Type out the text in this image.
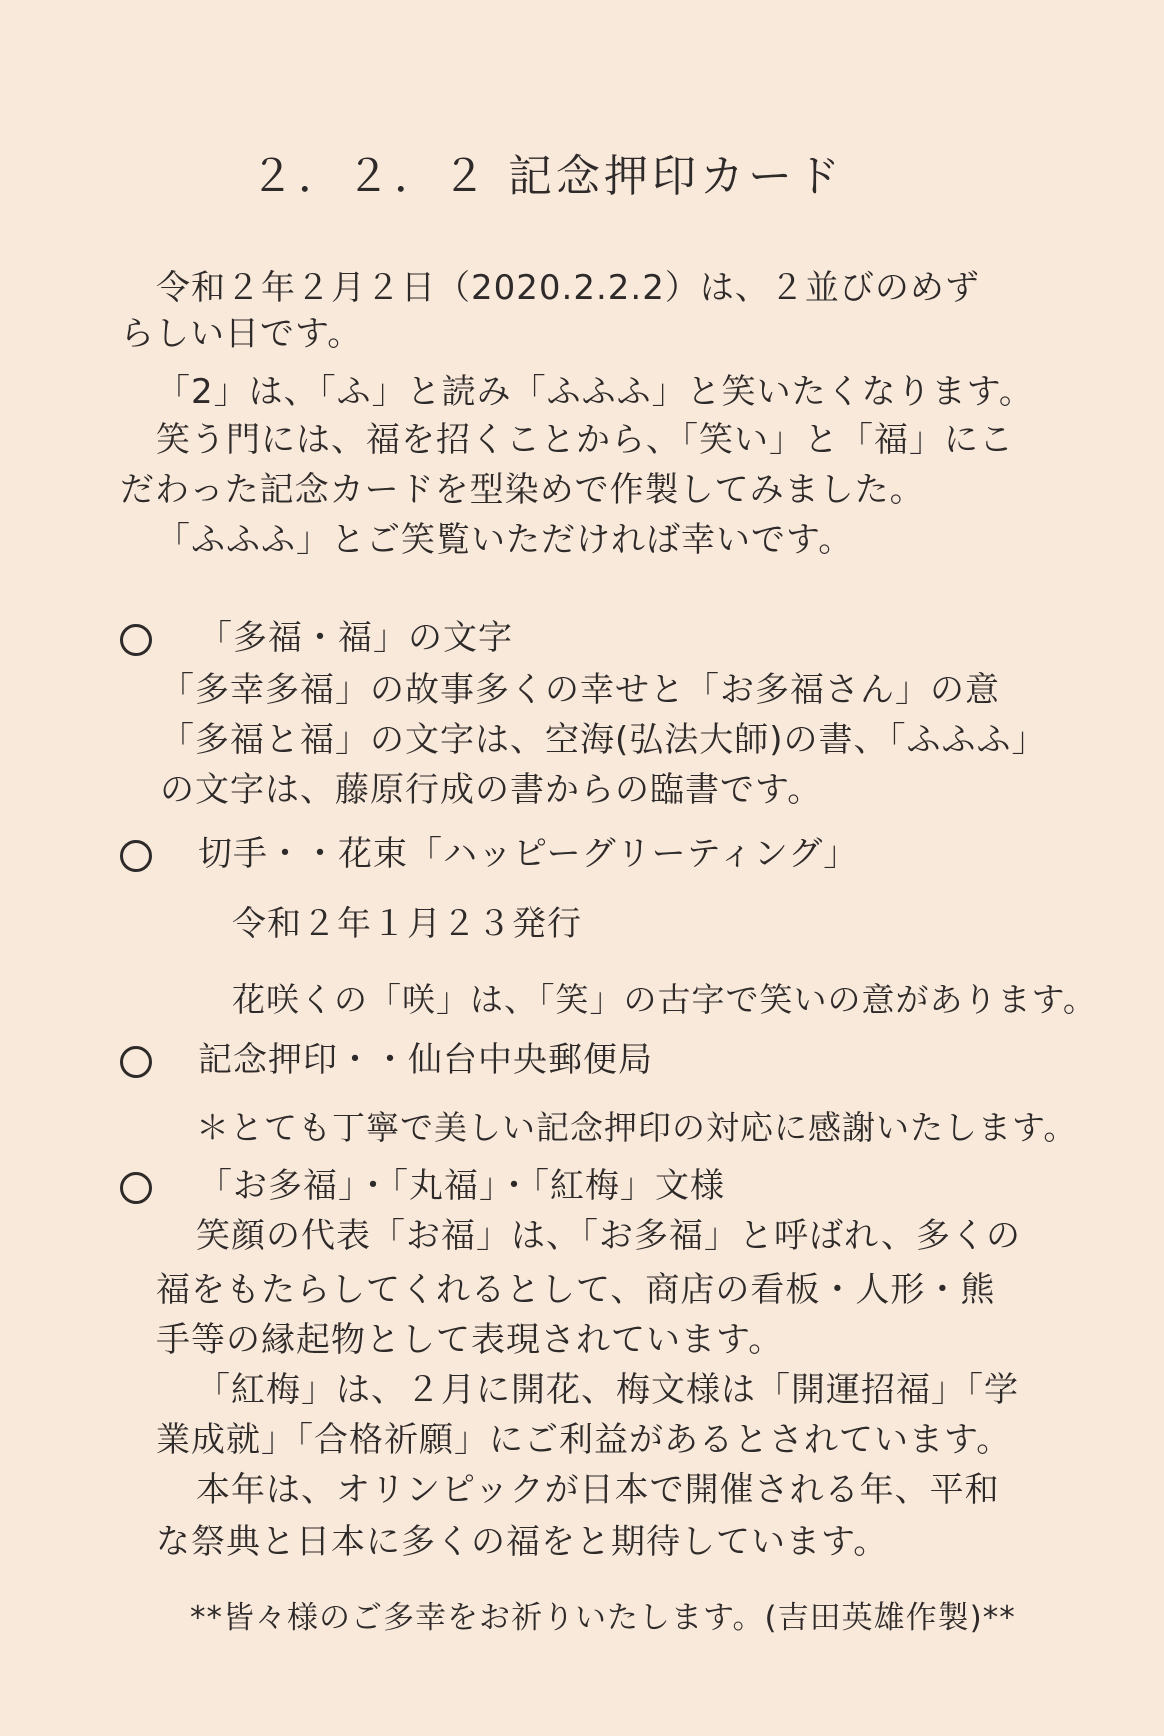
２．２．２ 記念押印カード
令和２年２月２日（2020.2.2.2）は、２並びのめず
らしい日です。
「2」は、「ふ」と読み「ふふふ」と笑いたくなります。
笑う門には、福を招くことから、「笑い」と「福」にこ
だわった記念カードを型染めで作製してみました。
「ふふふ」とご笑覧いただければ幸いです。
「多福・福」の文字
「多幸多福」の故事多くの幸せと「お多福さん」の意
「多福と福」の文字は、空海(弘法大師)の書、「ふふふ」
の文字は、藤原行成の書からの臨書です。
切手・・花束「ハッピーグリーティング」
令和２年１月２３発行
花咲くの「咲」は、「笑」の古字で笑いの意があります。
記念押印・・仙台中央郵便局
＊とても丁寧で美しい記念押印の対応に感謝いたします。
「お多福」・「丸福」・「紅梅」文様
笑顔の代表「お福」は、「お多福」と呼ばれ、多くの
福をもたらしてくれるとして、商店の看板・人形・熊
手等の縁起物として表現されています。
「紅梅」は、２月に開花、梅文様は「開運招福」「学
業成就」「合格祈願」にご利益があるとされています。
本年は、オリンピックが日本で開催される年、平和
な祭典と日本に多くの福をと期待しています。
**皆々様のご多幸をお祈りいたします。(吉田英雄作製)**
